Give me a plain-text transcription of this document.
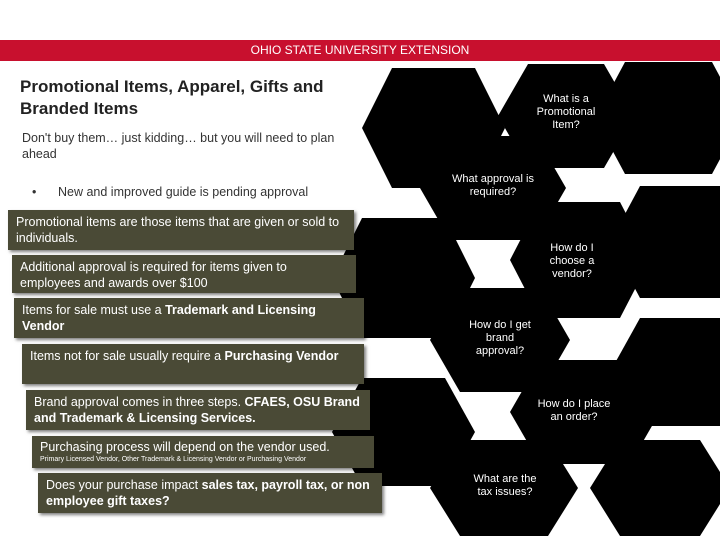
OHIO STATE UNIVERSITY EXTENSION
What is a Promotional Item?
What approval is required?
How do I choose a vendor?
How do I get brand approval?
How do I place an order?
What are the tax issues?
Promotional Items, Apparel, Gifts and Branded Items
Don't buy them… just kidding… but you will need to plan ahead
• New and improved guide is pending approval
Promotional items are those items that are given or sold to individuals.
Additional approval is required for items given to employees and awards over $100
Items for sale must use a Trademark and Licensing Vendor
Items not for sale usually require a Purchasing Vendor
Brand approval comes in three steps. CFAES, OSU Brand and Trademark & Licensing Services.
Purchasing process will depend on the vendor used.
Primary Licensed Vendor, Other Trademark & Licensing Vendor or Purchasing Vendor
Does your purchase impact sales tax, payroll tax, or non employee gift taxes?
